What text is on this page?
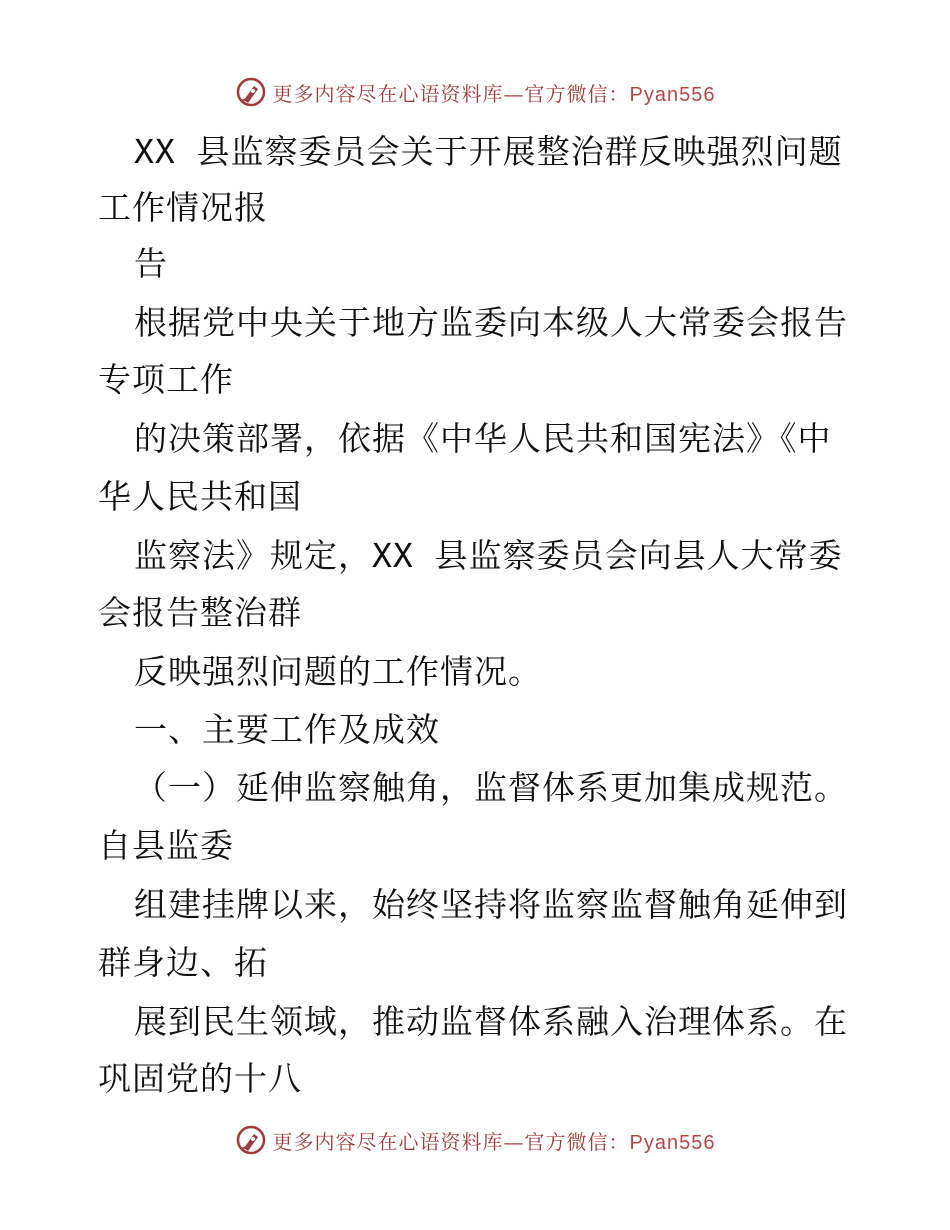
更多内容尽在心语资料库—官方微信：Pyan556
XX 县监察委员会关于开展整治群反映强烈问题
工作情况报
告
根据党中央关于地方监委向本级人大常委会报告
专项工作
的决策部署，依据《中华人民共和国宪法》《中
华人民共和国
监察法》规定，XX 县监察委员会向县人大常委
会报告整治群
反映强烈问题的工作情况。
一、主要工作及成效
（一）延伸监察触角，监督体系更加集成规范。
自县监委
组建挂牌以来，始终坚持将监察监督触角延伸到
群身边、拓
展到民生领域，推动监督体系融入治理体系。在
巩固党的十八
更多内容尽在心语资料库—官方微信：Pyan556
